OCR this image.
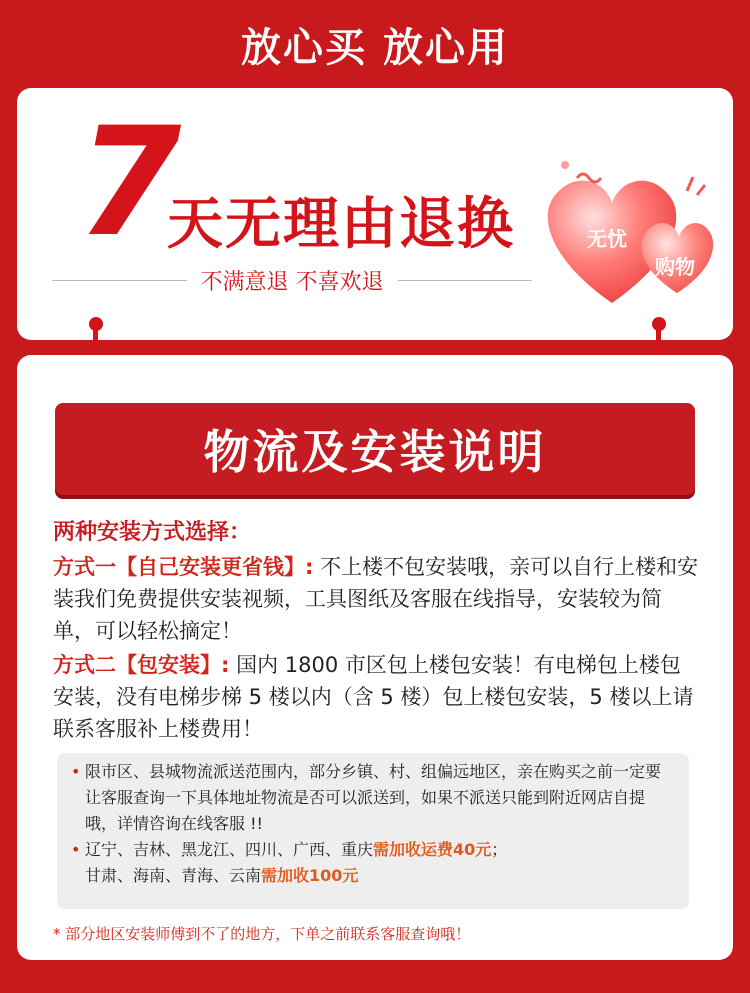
放心买 放心用
7
天无理由退换
不满意退 不喜欢退
无忧
购物
物流及安装说明
两种安装方式选择：
方式一【自己安装更省钱】: 不上楼不包安装哦，亲可以自行上楼和安装我们免费提供安装视频，工具图纸及客服在线指导，安装较为简单，可以轻松摘定！
方式二【包安装】: 国内 1800 市区包上楼包安装！有电梯包上楼包安装，没有电梯步梯 5 楼以内（含 5 楼）包上楼包安装，5 楼以上请联系客服补上楼费用！
• 限市区、县城物流派送范围内，部分乡镇、村、组偏远地区，亲在购买之前一定要让客服查询一下具体地址物流是否可以派送到，如果不派送只能到附近网店自提哦，详情咨询在线客服 !!
• 辽宁、吉林、黑龙江、四川、广西、重庆需加收运费40元；
甘肃、海南、青海、云南需加收100元
* 部分地区安装师傅到不了的地方，下单之前联系客服查询哦！
